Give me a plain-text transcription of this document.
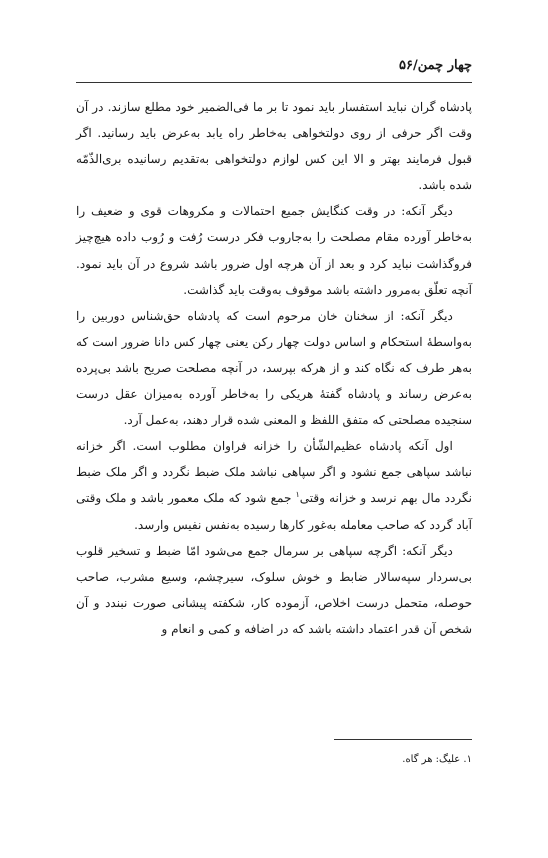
چهار چمن/۵۶

پادشاه گران نباید استفسار باید نمود تا بر ما فی‌الضمیر خود مطلع سازند. در آن وقت اگر حرفی از روی دولتخواهی به‌خاطر راه یابد به‌عرض باید رسانید. اگر قبول فرمایند بهتر و الا این کس لوازم دولتخواهی به‌تقدیم رسانیده بری‌الذّمّه شده باشد.

دیگر آنکه: در وقت کنگایش جمیع احتمالات و مکروهات قوی و ضعیف را به‌خاطر آورده مقام مصلحت را به‌جاروب فکر درست رُفت و رُوب داده هیچ‌چیز فروگذاشت نباید کرد و بعد از آن هرچه اول ضرور باشد شروع در آن باید نمود. آنچه تعلّق به‌مرور داشته باشد موقوف به‌وقت باید گذاشت.

دیگر آنکه: از سخنان خان مرحوم است که پادشاه حق‌شناس دوربین را به‌واسطهٔ استحکام و اساس دولت چهار رکن یعنی چهار کس دانا ضرور است که به‌هر طرف که نگاه کند و از هرکه بپرسد، در آنچه مصلحت صریح باشد بی‌پرده به‌عرض رساند و پادشاه گفتهٔ هریکی را به‌خاطر آورده به‌میزان عقل درست سنجیده مصلحتی که متفق اللفظ و المعنی شده قرار دهند، به‌عمل آرد.

اول آنکه پادشاه عظیم‌الشّأن را خزانه فراوان مطلوب است. اگر خزانه نباشد سپاهی جمع نشود و اگر سپاهی نباشد ملک ضبط نگردد و اگر ملک ضبط نگردد مال بهم نرسد و خزانه وقتی$^۱$ جمع شود که ملک معمور باشد و ملک وقتی آباد گردد که صاحب معامله به‌غور کارها رسیده به‌نفس نفیس وارسد.

دیگر آنکه: اگرچه سپاهی بر سرمال جمع می‌شود امّا ضبط و تسخیر قلوب بی‌سردار سپه‌سالار ضابط و خوش سلوک، سیرچشم، وسیع مشرب، صاحب حوصله، متحمل درست اخلاص، آزموده کار، شکفته پیشانی صورت نبندد و آن شخص آن قدر اعتماد داشته باشد که در اضافه و کمی و انعام و

۱. علیگ: هر گاه.
